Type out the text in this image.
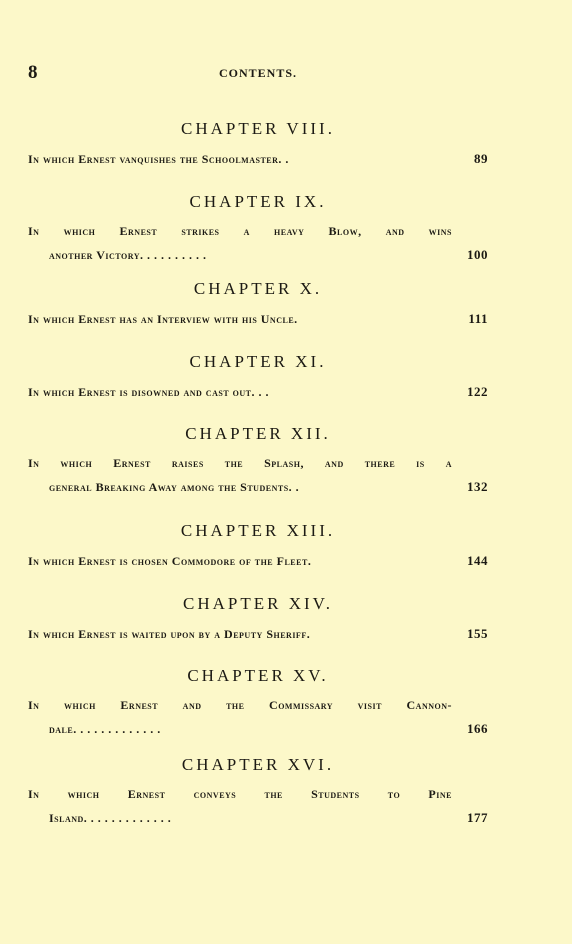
8	CONTENTS.
CHAPTER VIII.
In which Ernest vanquishes the Schoolmaster. .	89
CHAPTER IX.
In which Ernest strikes a heavy Blow, and wins
another Victory. . . . . . . . . .	100
CHAPTER X.
In which Ernest has an Interview with his Uncle.	111
CHAPTER XI.
In which Ernest is disowned and cast out. . .	122
CHAPTER XII.
In which Ernest raises the Splash, and there is a
general Breaking Away among the Students. .	132
CHAPTER XIII.
In which Ernest is chosen Commodore of the Fleet.	144
CHAPTER XIV.
In which Ernest is waited upon by a Deputy Sheriff.	155
CHAPTER XV.
In which Ernest and the Commissary visit Cannon-
dale. . . . . . . . . . . . .	166
CHAPTER XVI.
In which Ernest conveys the Students to Pine
Island. . . . . . . . . . . . .	177
